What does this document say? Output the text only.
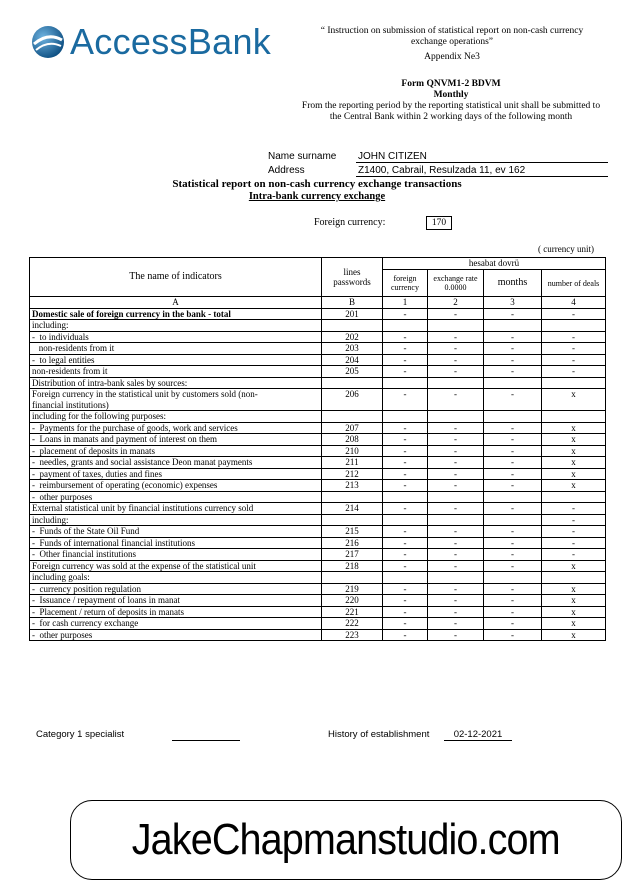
AccessBank	“ Instruction on submission of statistical report on non-cash currency exchange operations”
Appendix Ne3
Form QNVM1-2 BDVM
Monthly
From the reporting period by the reporting statistical unit shall be submitted to the Central Bank within 2 working days of the following month
Name surname JOHN CITIZEN
Address	Z1400, Cabrail, Resulzada 11, ev 162
Statistical report on non-cash currency exchange transactions
Intra-bank currency exchange
Foreign currency:	170
( currency unit)
The name of indicators	lines passwords	hesabat dovrü			
		foreign currency	exchange rate 0.0000	months	number of deals
A	B	1	2	3	4
Domestic sale of foreign currency in the bank - total	201	-	-	-	-
including:					
-  to individuals	202	-	-	-	-
non-residents from it	203	-	-	-	-
-  to legal entities	204	-	-	-	-
non-residents from it	205	-	-	-	-
Distribution of intra-bank sales by sources:					
Foreign currency in the statistical unit by customers sold (non-financial institutions)	206	-	-	-	x
including for the following purposes:					
-  Payments for the purchase of goods, work and services	207	-	-	-	x
-  Loans in manats and payment of interest on them	208	-	-	-	x
-  placement of deposits in manats	210	-	-	-	x
-  needles, grants and social assistance Deon manat payments	211	-	-	-	x
-  payment of taxes, duties and fines	212	-	-	-	x
-  reimbursement of operating (economic) expenses	213	-	-	-	x
-  other purposes					
External statistical unit by financial institutions currency sold	214	-	-	-	-
including:					-
-  Funds of the State Oil Fund	215	-	-	-	-
-  Funds of international financial institutions	216	-	-	-	-
-  Other financial institutions	217	-	-	-	-
Foreign currency was sold at the expense of the statistical unit	218	-	-	-	x
including goals:					
-  currency position regulation	219	-	-	-	x
-  Issuance / repayment of loans in manat	220	-	-	-	x
-  Placement / return of deposits in manats	221	-	-	-	x
-  for cash currency exchange	222	-	-	-	x
-  other purposes	223	-	-	-	x
Category 1 specialist	History of establishment	02-12-2021
JakeChapmanstudio.com
